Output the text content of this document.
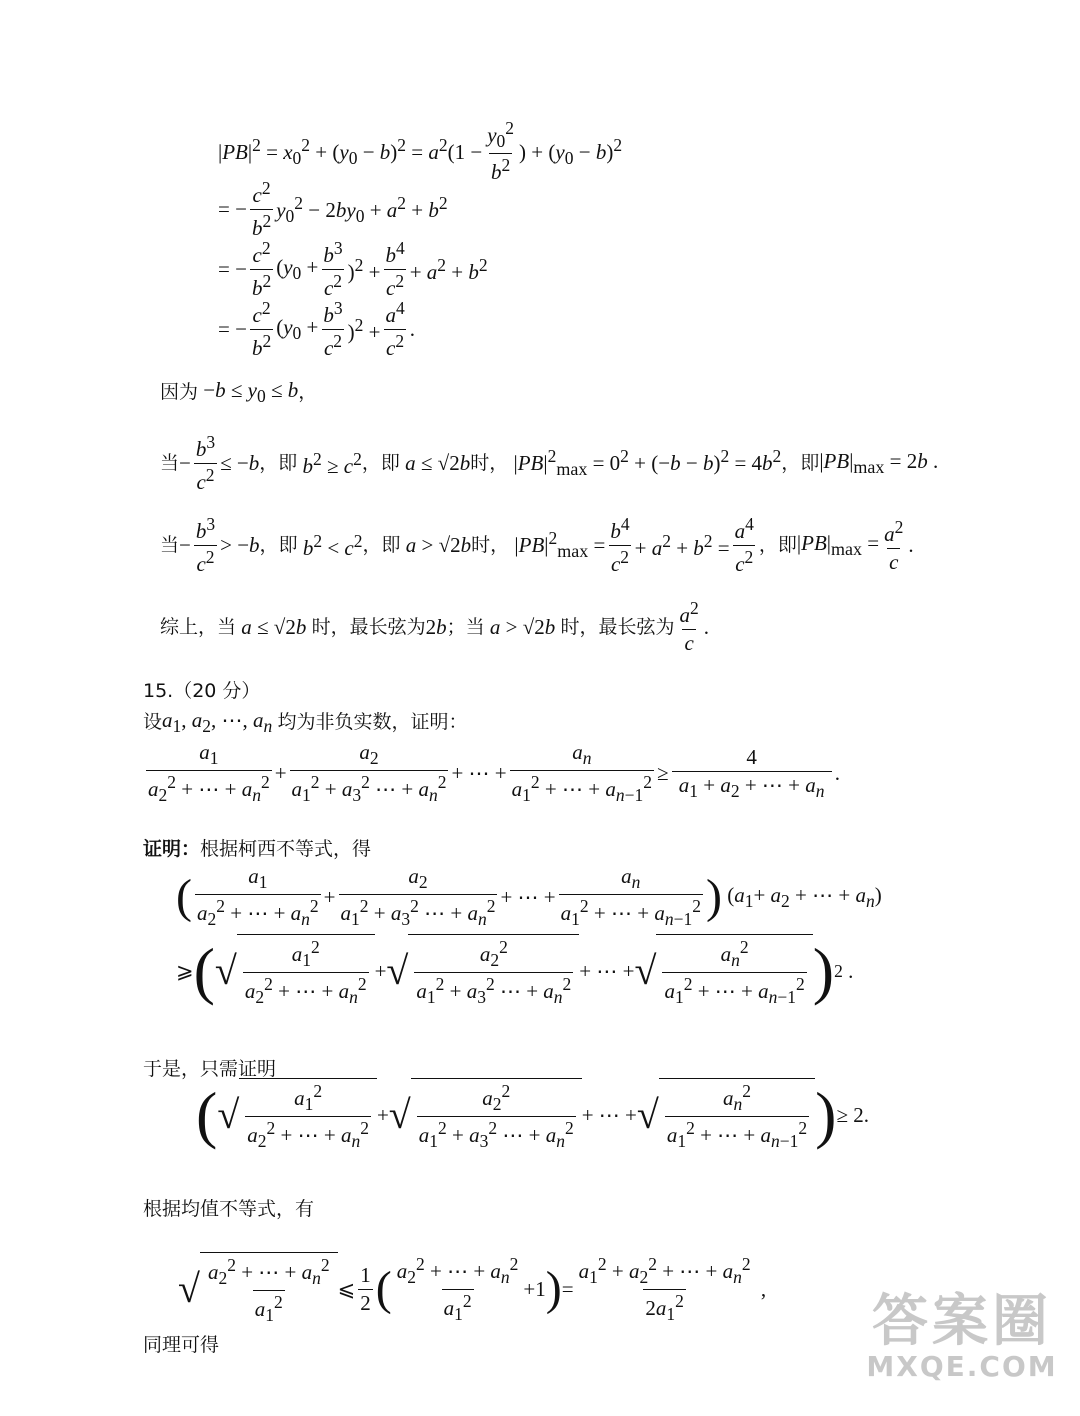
$|PB|^2 = x_0^2 + (y_0 - b)^2 = a^2(1 - \frac{y_0^2}{b^2}$ ) + $(y_0 - b)^2$
= − $\frac{c^2}{b^2} y_0^2 - 2by_0 + a^2 + b^2$
= − $\frac{c^2}{b^2} (y_0 + \frac{b^3}{c^2} )^2 + \frac{b^4}{c^2} + a^2 + b^2$
= − $\frac{c^2}{b^2} (y_0 + \frac{b^3}{c^2} )^2 + \frac{a^4}{c^2}$ .
因为 $-b \le y_0 \le b$ ，
当 − $\frac{b^3}{c^2} \le -b$ ， 即 $b^2 \ge c^2$ ， 即 a ≤ √2b 时， $|PB|^2_{max} = 0^2 + (-b - b)^2 = 4b^2$ ， 即 $|PB|_{max} = 2b$ .
当 − $\frac{b^3}{c^2} > -b$ ， 即 $b^2 < c^2$ ， 即 a > √2b 时， $|PB|^2_{max} = \frac{b^4}{c^2} + a^2 + b^2 = \frac{a^4}{c^2}$ ， 即 $|PB|_{max} = \frac{a^2}{c}$ .
综上，当 a ≤ √2b 时，最长弦为 2b ；当 a > √2b 时，最长弦为 $\frac{a^2}{c}$ .
15.（20 分）
设 $a_1$, $a_2$, ⋯, $a_n$ 均为非负实数，证明：
$\frac{a_1}{a_2^2 + \cdots + a_n^2} + \frac{a_2}{a_1^2 + a_3^2 \cdots + a_n^2}$ + ⋯ + $\frac{a_n}{a_1^2 + \cdots + a_{n-1}^2} \ge \frac{4}{a_1 + a_2 + \cdots + a_n}$ .
证明： 根据柯西不等式，得
( $\frac{a_1}{a_2^2 + \cdots + a_n^2} + \frac{a_2}{a_1^2 + a_3^2 \cdots + a_n^2}$ + ⋯ + $\frac{a_n}{a_1^2 + \cdots + a_{n-1}^2}$ ) ($a_1+ a_2$ + ⋯ + $a_n$)
⩾ ( √ $\frac{a_1^2}{a_2^2 + \cdots + a_n^2}$ + √ $\frac{a_2^2}{a_1^2 + a_3^2 \cdots + a_n^2}$ + ⋯ + √ $\frac{a_n^2}{a_1^2 + \cdots + a_{n-1}^2}$ ) 2 .
于是，只需证明
( √ $\frac{a_1^2}{a_2^2 + \cdots + a_n^2}$ + √ $\frac{a_2^2}{a_1^2 + a_3^2 \cdots + a_n^2}$ + ⋯ + √ $\frac{a_n^2}{a_1^2 + \cdots + a_{n-1}^2}$ ) ≥ 2.
根据均值不等式，有
√ $\frac{a_2^2 + \cdots + a_n^2}{a_1^2}$ ⩽ $\frac{1}{2}$ ( $\frac{a_2^2 + \cdots + a_n^2}{a_1^2} +1$ ) = $\frac{a_1^2 + a_2^2 + \cdots + a_n^2}{2a_1^2}$ ,
同理可得	答案圈
MXQE.COM
